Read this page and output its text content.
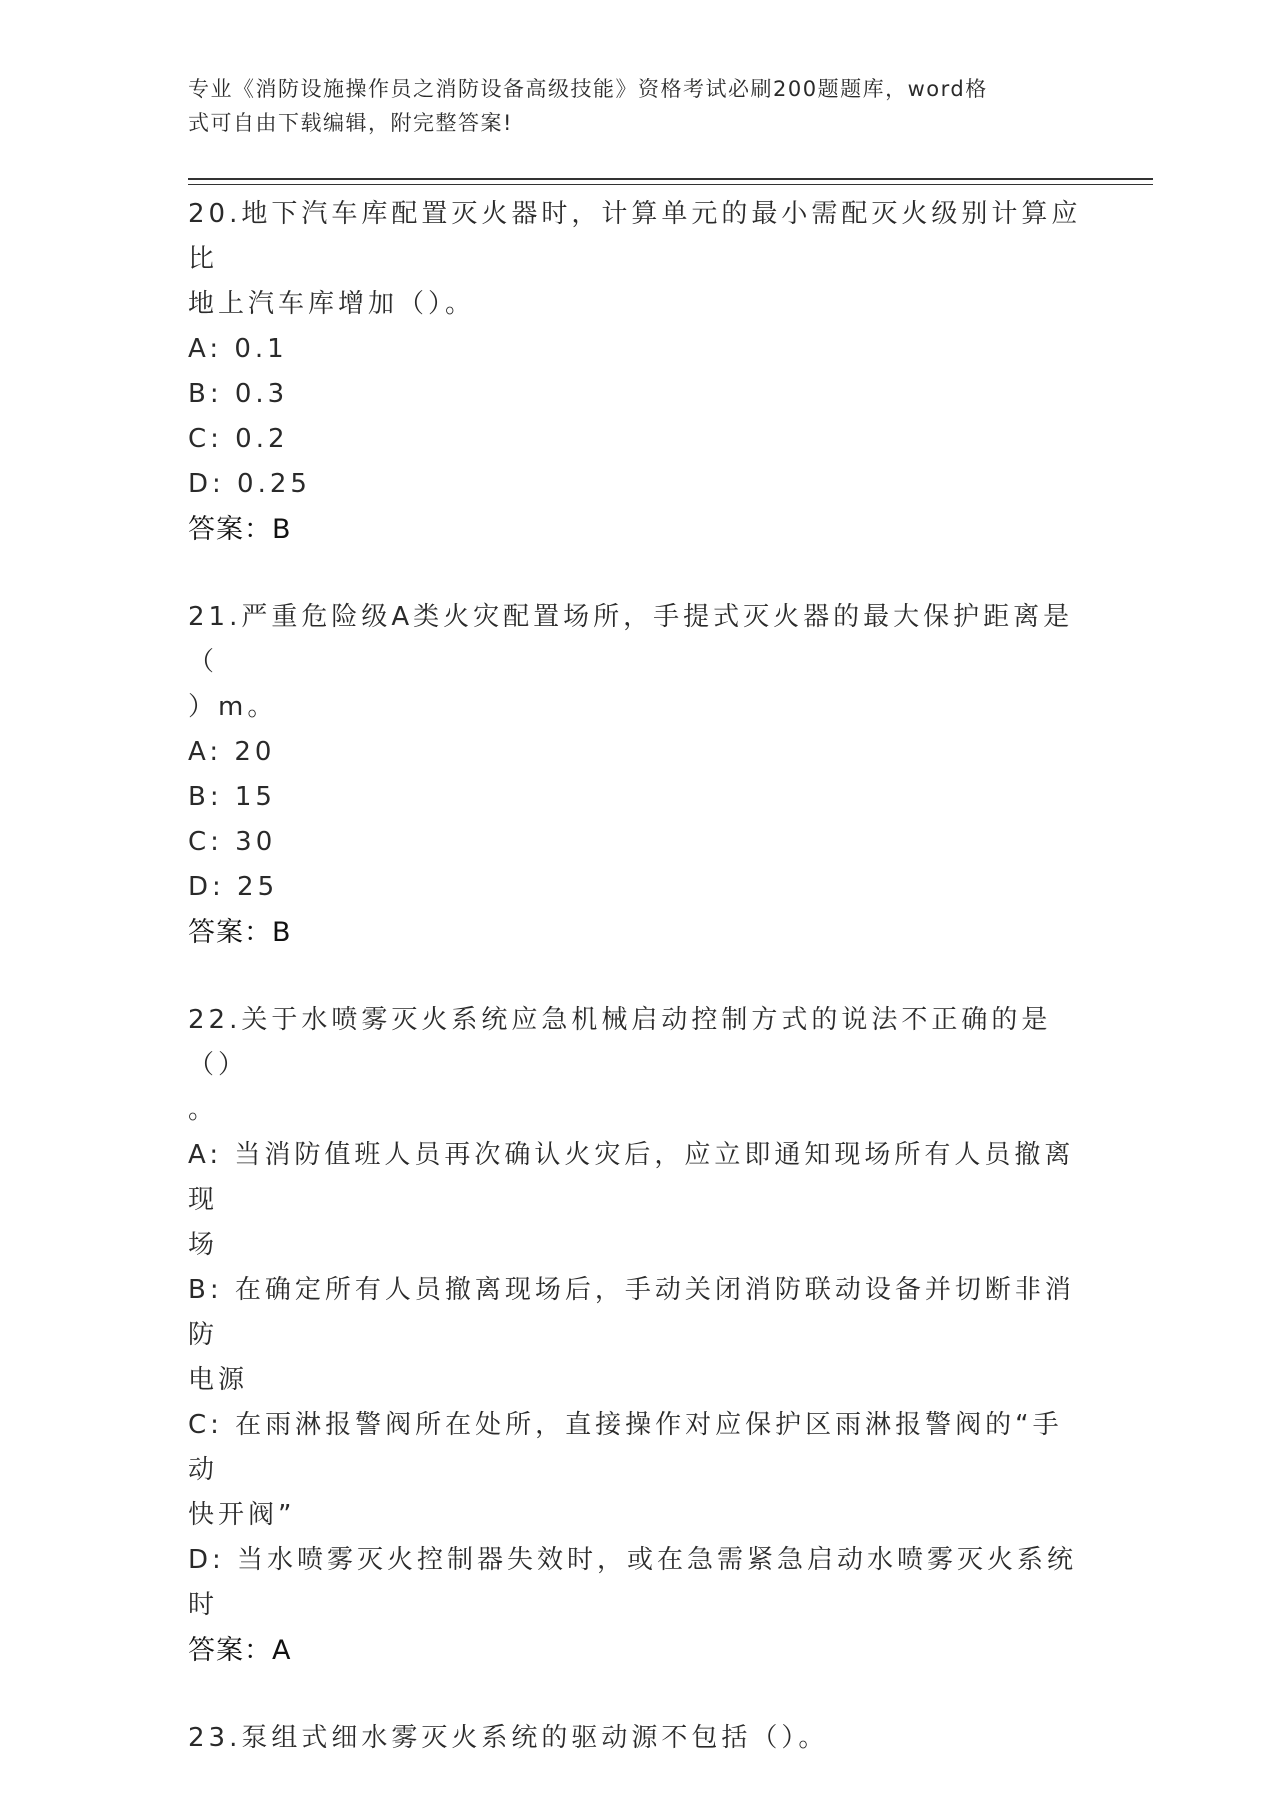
专业《消防设施操作员之消防设备高级技能》资格考试必刷200题题库，word格
式可自由下载编辑，附完整答案!
20.地下汽车库配置灭火器时，计算单元的最小需配灭火级别计算应比
地上汽车库增加（）。
A: 0.1
B: 0.3
C: 0.2
D: 0.25
答案：B
21.严重危险级A类火灾配置场所，手提式灭火器的最大保护距离是（
）m。
A: 20
B: 15
C: 30
D: 25
答案：B
22.关于水喷雾灭火系统应急机械启动控制方式的说法不正确的是（）
。
A: 当消防值班人员再次确认火灾后，应立即通知现场所有人员撤离现
场
B: 在确定所有人员撤离现场后，手动关闭消防联动设备并切断非消防
电源
C: 在雨淋报警阀所在处所，直接操作对应保护区雨淋报警阀的“手动
快开阀”
D: 当水喷雾灭火控制器失效时，或在急需紧急启动水喷雾灭火系统时
答案：A
23.泵组式细水雾灭火系统的驱动源不包括（）。
